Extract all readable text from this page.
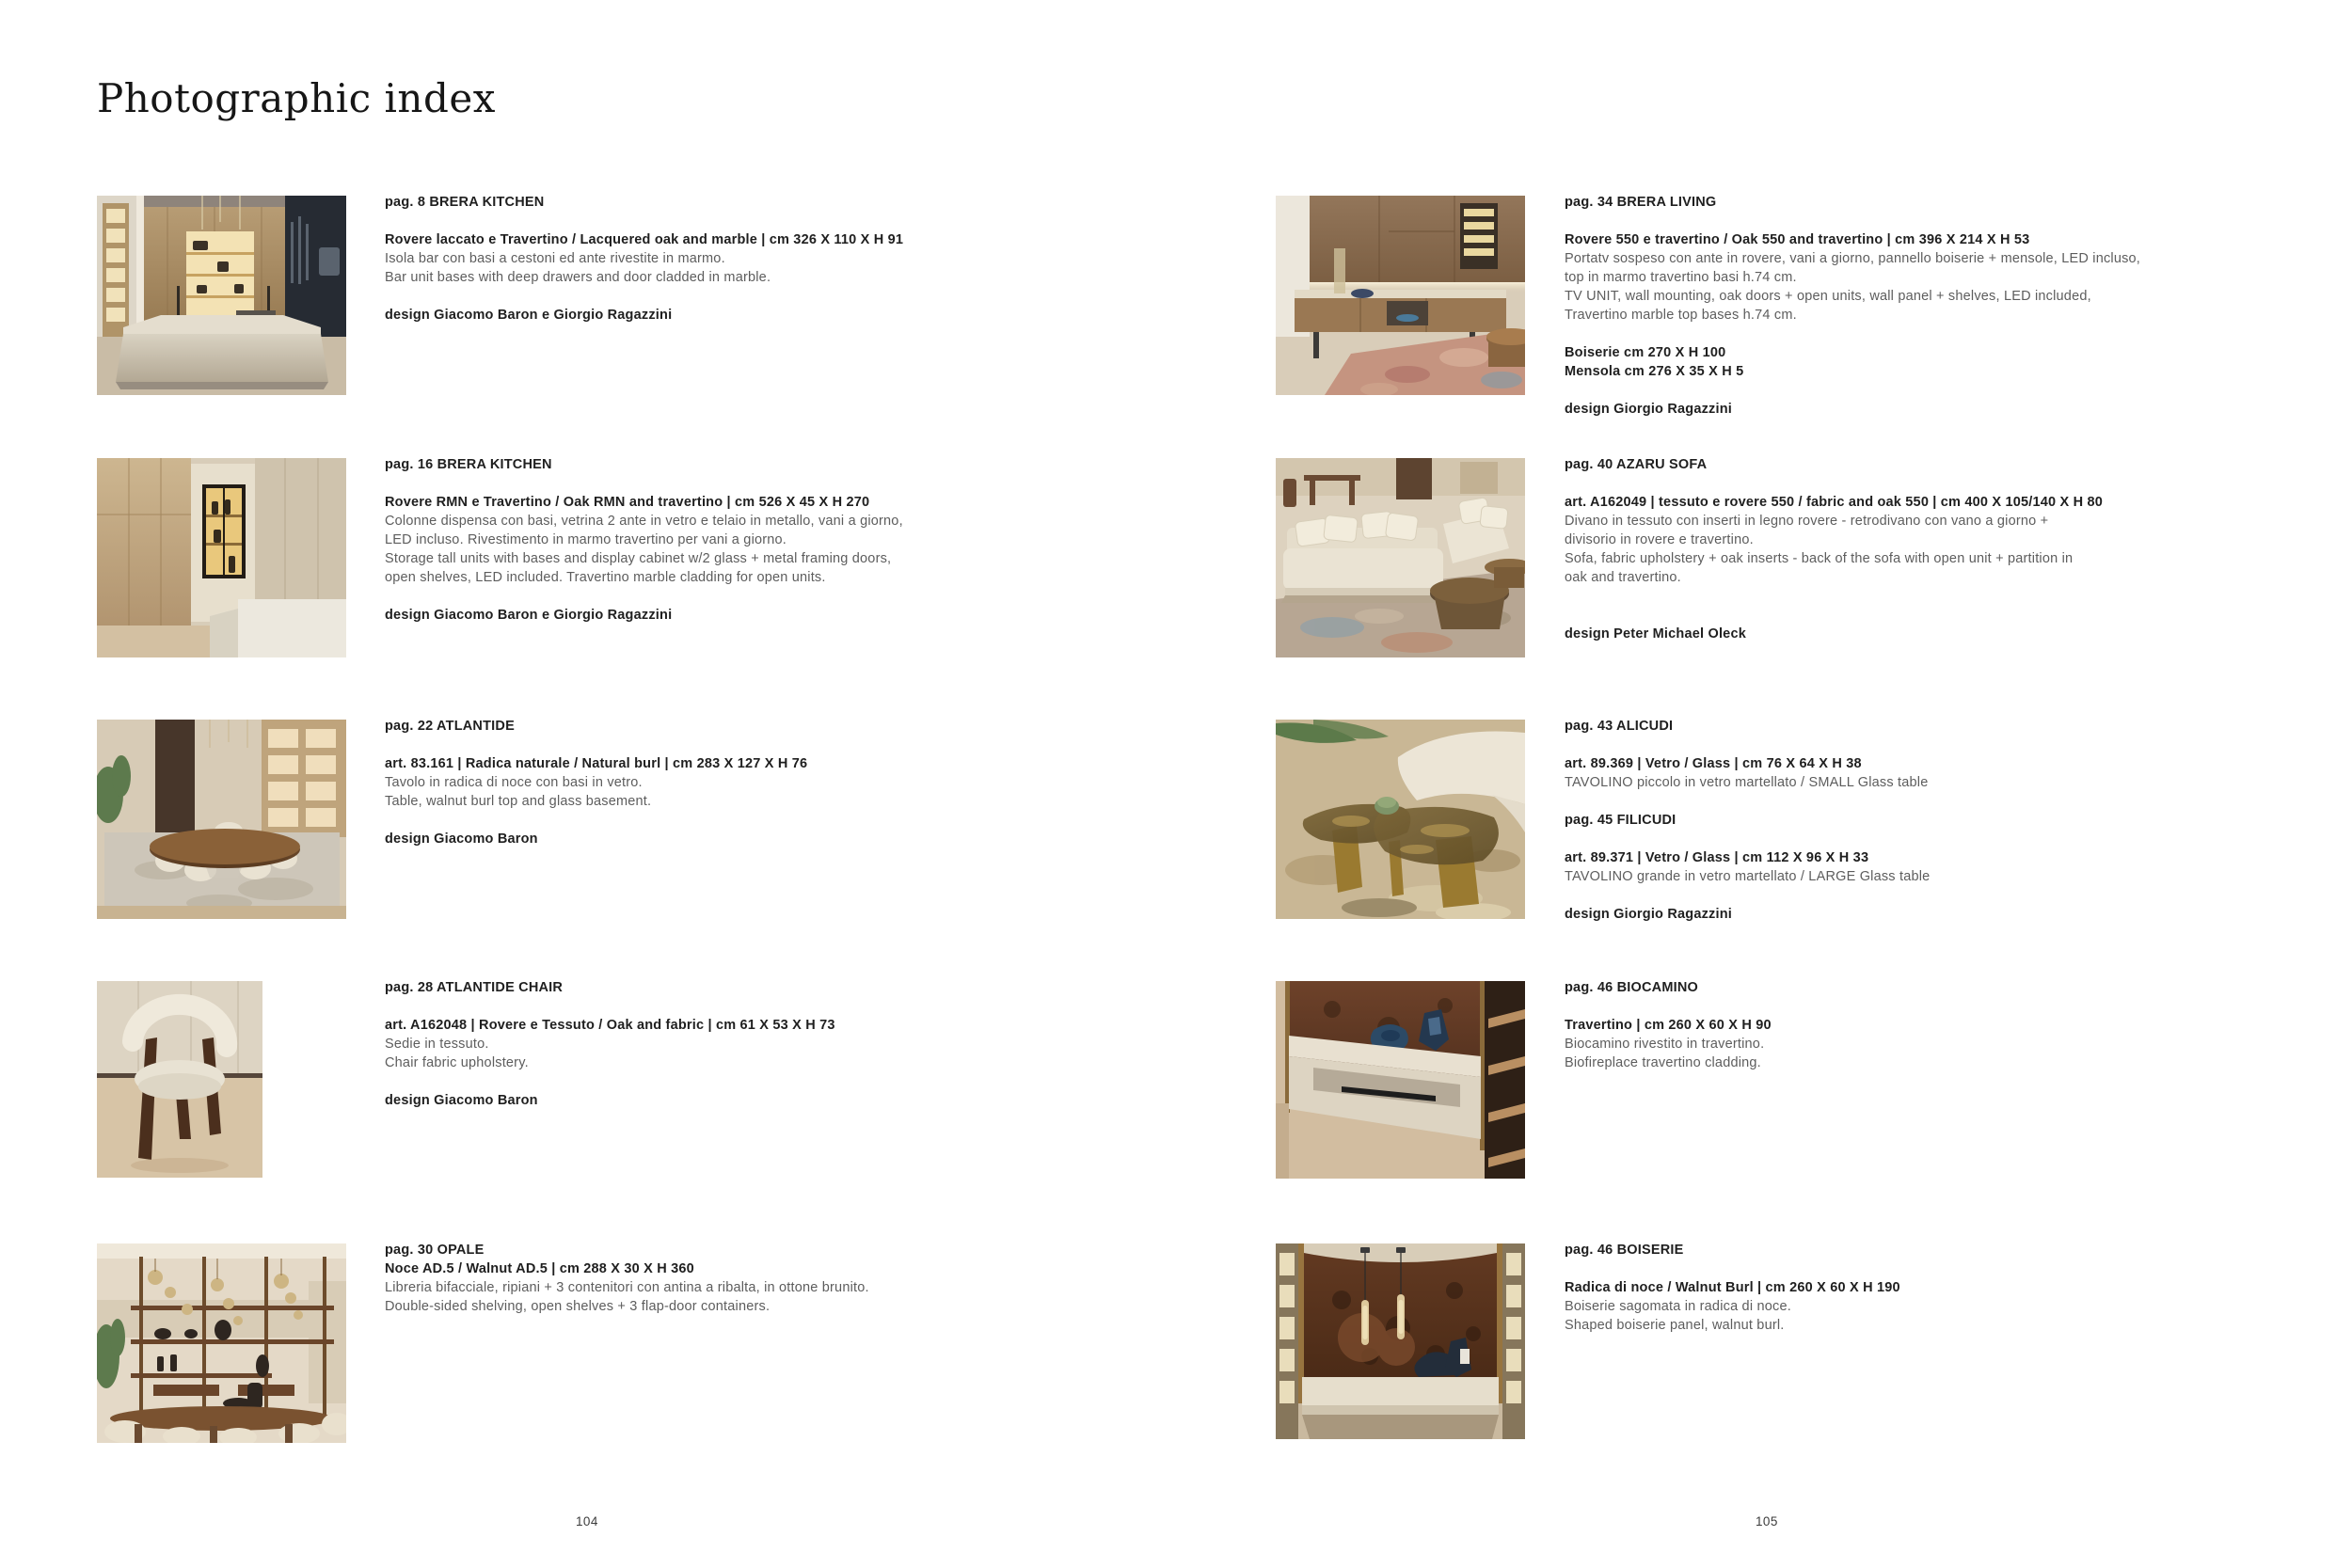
Photographic index
pag. 8 BRERA KITCHEN
Rovere laccato e Travertino / Lacquered oak and marble | cm 326 X 110 X H 91
Isola bar con basi a cestoni ed ante rivestite in marmo.
Bar unit bases with deep drawers and door cladded in marble.
design Giacomo Baron e Giorgio Ragazzini
pag. 16 BRERA KITCHEN
Rovere RMN e Travertino / Oak RMN and travertino | cm 526 X 45 X H 270
Colonne dispensa con basi, vetrina 2 ante in vetro e telaio in metallo, vani a giorno,
LED incluso. Rivestimento in marmo travertino per vani a giorno.
Storage tall units with bases and display cabinet w/2 glass + metal framing doors,
open shelves, LED included. Travertino marble cladding for open units.
design Giacomo Baron e Giorgio Ragazzini
pag. 22 ATLANTIDE
art. 83.161 | Radica naturale / Natural burl | cm 283 X 127 X H 76
Tavolo in radica di noce con basi in vetro.
Table, walnut burl top and glass basement.
design Giacomo Baron
pag. 28 ATLANTIDE CHAIR
art. A162048 | Rovere e Tessuto / Oak and fabric | cm 61 X 53 X H 73
Sedie in tessuto.
Chair fabric upholstery.
design Giacomo Baron
pag. 30 OPALE
Noce AD.5 / Walnut AD.5 | cm 288 X 30 X H 360
Libreria bifacciale, ripiani + 3 contenitori con antina a ribalta, in ottone brunito.
Double-sided shelving, open shelves + 3 flap-door containers.
pag. 34 BRERA LIVING
Rovere 550 e travertino / Oak 550 and travertino | cm 396 X 214 X H 53
Portatv sospeso con ante in rovere, vani a giorno, pannello boiserie + mensole, LED incluso,
top in marmo travertino basi h.74 cm.
TV UNIT, wall mounting, oak doors + open units, wall panel + shelves, LED included,
Travertino marble top bases h.74 cm.
Boiserie cm 270 X H 100
Mensola cm 276 X 35 X H 5
design Giorgio Ragazzini
pag. 40 AZARU SOFA
art. A162049 | tessuto e rovere 550 / fabric and oak 550 | cm 400 X 105/140 X H 80
Divano in tessuto con inserti in legno rovere - retrodivano con vano a giorno +
divisorio in rovere e travertino.
Sofa, fabric upholstery + oak inserts - back of the sofa with open unit + partition in
oak and travertino.
design Peter Michael Oleck
pag. 43 ALICUDI
art. 89.369 | Vetro / Glass | cm 76 X 64 X H 38
TAVOLINO piccolo in vetro martellato / SMALL Glass table
pag. 45 FILICUDI
art. 89.371 | Vetro / Glass | cm 112 X 96 X H 33
TAVOLINO grande in vetro martellato / LARGE Glass table
design Giorgio Ragazzini
pag. 46 BIOCAMINO
Travertino | cm 260 X 60 X H 90
Biocamino rivestito in travertino.
Biofireplace travertino cladding.
pag. 46 BOISERIE
Radica di noce / Walnut Burl | cm 260 X 60 X H 190
Boiserie sagomata in radica di noce.
Shaped boiserie panel, walnut burl.
104	105
